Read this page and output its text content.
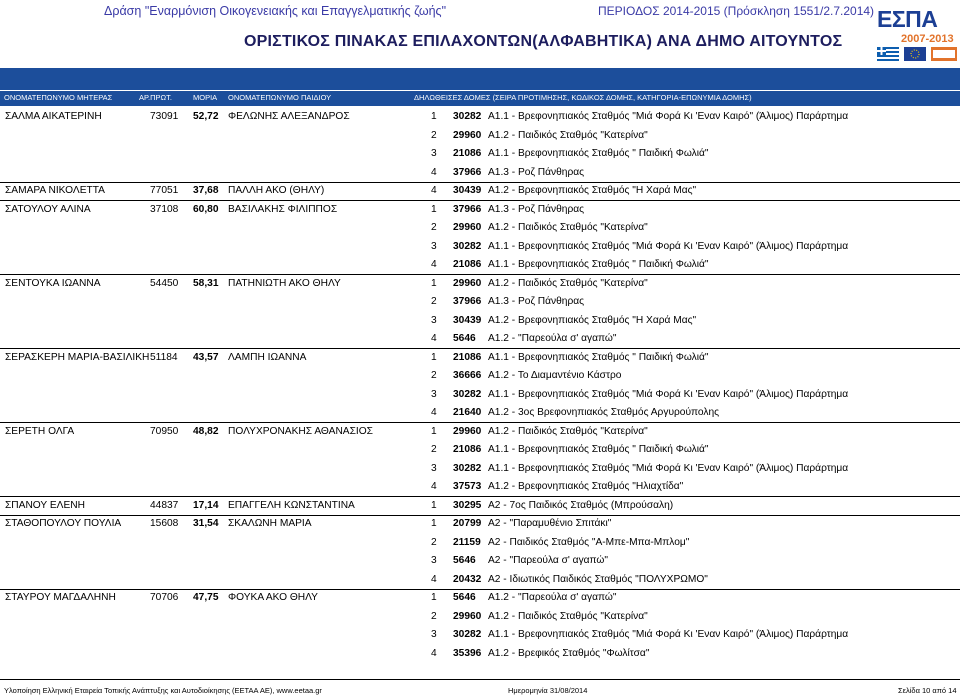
Δράση "Εναρμόνιση Οικογενειακής και Επαγγελματικής ζωής"	ΠΕΡΙΟΔΟΣ 2014-2015 (Πρόσκληση 1551/2.7.2014)
ΟΡΙΣΤΙΚΟΣ ΠΙΝΑΚΑΣ ΕΠΙΛΑΧΟΝΤΩΝ(ΑΛΦΑΒΗΤΙΚΑ) ΑΝΑ ΔΗΜΟ ΑΙΤΟΥΝΤΟΣ
ΕΣΠΑ
2007-2013
Δήμος Αγίου Δημητρίου	Αριθμός επιλαχόντων παιδιών στο Δήμο: 123
ΟΝΟΜΑΤΕΠΩΝΥΜΟ ΜΗΤΕΡΑΣ	ΑΡ.ΠΡΩΤ.	ΜΟΡΙΑ ΟΝΟΜΑΤΕΠΩΝΥΜΟ ΠΑΙΔΙΟΥ	ΔΗΛΩΘΕΙΣΕΣ ΔΟΜΕΣ (ΣΕΙΡΑ ΠΡΟΤΙΜΗΣΗΣ, ΚΩΔΙΚΟΣ ΔΟΜΗΣ, ΚΑΤΗΓΟΡΙΑ-ΕΠΩΝΥΜΙΑ ΔΟΜΗΣ)
ΣΑΛΜΑ ΑΙΚΑΤΕΡΙΝΗ	73091 52,72 ΦΕΛΩΝΗΣ ΑΛΕΞΑΝΔΡΟΣ	1 30282 Α1.1 - Βρεφονηπιακός Σταθμός "Μιά Φορά Κι 'Εναν Καιρό" (Άλιμος) Παράρτημα
2 29960 Α1.2 - Παιδικός Σταθμός "Κατερίνα"
3 21086 Α1.1 - Βρεφονηπιακός Σταθμός " Παιδική Φωλιά"
4 37966 Α1.3 - Ροζ Πάνθηρας
ΣΑΜΑΡΑ ΝΙΚΟΛΕΤΤΑ	77051 37,68 ΠΑΛΛΗ ΑΚΟ (ΘΗΛΥ)	4 30439 Α1.2 - Βρεφονηπιακός Σταθμός "Η Χαρά Μας"
ΣΑΤΟΥΛΟΥ ΑΛΙΝΑ	37108 60,80 ΒΑΣΙΛΑΚΗΣ ΦΙΛΙΠΠΟΣ	1 37966 Α1.3 - Ροζ Πάνθηρας
2 29960 Α1.2 - Παιδικός Σταθμός "Κατερίνα"
3 30282 Α1.1 - Βρεφονηπιακός Σταθμός "Μιά Φορά Κι 'Εναν Καιρό" (Άλιμος) Παράρτημα
4 21086 Α1.1 - Βρεφονηπιακός Σταθμός " Παιδική Φωλιά"
ΣΕΝΤΟΥΚΑ ΙΩΑΝΝΑ	54450 58,31 ΠΑΤΗΝΙΩΤΗ ΑΚΟ ΘΗΛΥ	1 29960 Α1.2 - Παιδικός Σταθμός "Κατερίνα"
2 37966 Α1.3 - Ροζ Πάνθηρας
3 30439 Α1.2 - Βρεφονηπιακός Σταθμός "Η Χαρά Μας"
4 5646 Α1.2 - "Παρεούλα σ' αγαπώ"
ΣΕΡΑΣΚΕΡΗ ΜΑΡΙΑ-ΒΑΣΙΛΙΚΗ 51184 43,57 ΛΑΜΠΗ ΙΩΑΝΝΑ	1 21086 Α1.1 - Βρεφονηπιακός Σταθμός " Παιδική Φωλιά"
2 36666 Α1.2 - Το Διαμαντένιο Κάστρο
3 30282 Α1.1 - Βρεφονηπιακός Σταθμός "Μιά Φορά Κι 'Εναν Καιρό" (Άλιμος) Παράρτημα
4 21640 Α1.2 - 3ος Βρεφονηπιακός Σταθμός Αργυρούπολης
ΣΕΡΕΤΗ ΟΛΓΑ	70950 48,82 ΠΟΛΥΧΡΟΝΑΚΗΣ ΑΘΑΝΑΣΙΟΣ	1 29960 Α1.2 - Παιδικός Σταθμός "Κατερίνα"
2 21086 Α1.1 - Βρεφονηπιακός Σταθμός " Παιδική Φωλιά"
3 30282 Α1.1 - Βρεφονηπιακός Σταθμός "Μιά Φορά Κι 'Εναν Καιρό" (Άλιμος) Παράρτημα
4 37573 Α1.2 - Βρεφονηπιακός Σταθμός "Ηλιαχτίδα"
ΣΠΑΝΟΥ ΕΛΕΝΗ	44837 17,14 ΕΠΑΓΓΕΛΗ ΚΩΝΣΤΑΝΤΙΝΑ	1 30295 Α2 - 7ος Παιδικός Σταθμός (Μπρούσαλη)
ΣΤΑΘΟΠΟΥΛΟΥ ΠΟΥΛΙΑ	15608 31,54 ΣΚΑΛΩΝΗ ΜΑΡΙΑ	1 20799 Α2 - "Παραμυθένιο Σπιτάκι"
2 21159 Α2 - Παιδικός Σταθμός "Α-Μπε-Μπα-Μπλομ"
3 5646 Α2 - "Παρεούλα σ' αγαπώ"
4 20432 Α2 - Ιδιωτικός Παιδικός Σταθμός "ΠΟΛΥΧΡΩΜΟ"
ΣΤΑΥΡΟΥ ΜΑΓΔΑΛΗΝΗ	70706 47,75 ΦΟΥΚΑ ΑΚΟ ΘΗΛΥ	1 5646 Α1.2 - "Παρεούλα σ' αγαπώ"
2 29960 Α1.2 - Παιδικός Σταθμός "Κατερίνα"
3 30282 Α1.1 - Βρεφονηπιακός Σταθμός "Μιά Φορά Κι 'Εναν Καιρό" (Άλιμος) Παράρτημα
4 35396 Α1.2 - Βρεφικός Σταθμός "Φωλίτσα"
Υλοποίηση Ελληνική Εταιρεία Τοπικής Ανάπτυξης και Αυτοδιοίκησης (ΕΕΤΑΑ ΑΕ), www.eetaa.gr	Ημερομηνία 31/08/2014	Σελίδα 10 από 14
